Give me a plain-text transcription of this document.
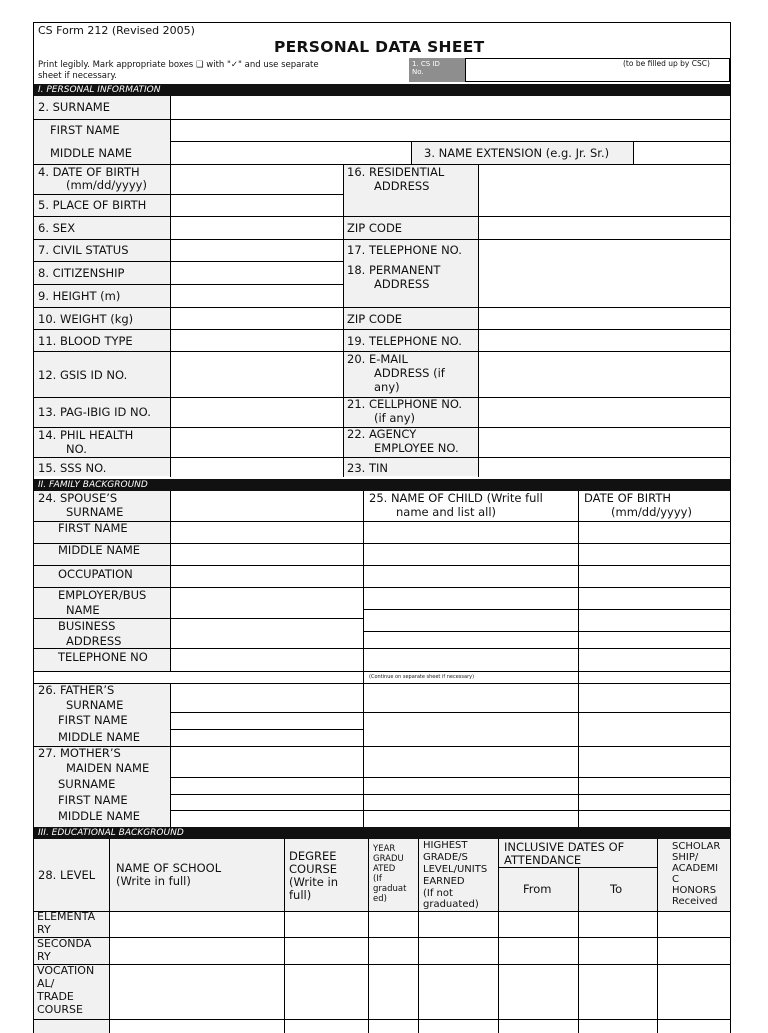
CS Form 212 (Revised 2005)
PERSONAL DATA SHEET
Print legibly. Mark appropriate boxes ❑ with "✓" and use separate
sheet if necessary.
1. CS ID
No.
(to be filled up by CSC)
I. PERSONAL INFORMATION
2. SURNAME
FIRST NAME
MIDDLE NAME	3. NAME EXTENSION (e.g. Jr. Sr.)
4. DATE OF BIRTH
(mm/dd/yyyy)
5. PLACE OF BIRTH
6. SEX
7. CIVIL STATUS
8. CITIZENSHIP
9. HEIGHT (m)
10. WEIGHT (kg)
11. BLOOD TYPE
12. GSIS ID NO.
13. PAG-IBIG ID NO.
14. PHIL HEALTH
NO.
15. SSS NO.
16. RESIDENTIAL
ADDRESS
ZIP CODE
17. TELEPHONE NO.
18. PERMANENT
ADDRESS
ZIP CODE
19. TELEPHONE NO.
20. E-MAIL
ADDRESS (if
any)
21. CELLPHONE NO.
(if any)
22. AGENCY
EMPLOYEE NO.
23. TIN
II. FAMILY BACKGROUND
24. SPOUSE’S
SURNAME
FIRST NAME
MIDDLE NAME
OCCUPATION
EMPLOYER/BUS
NAME
BUSINESS
ADDRESS
TELEPHONE NO
25. NAME OF CHILD (Write full
name and list all)
DATE OF BIRTH
(mm/dd/yyyy)
(Continue on separate sheet if necessary)
26. FATHER’S
SURNAME
FIRST NAME
MIDDLE NAME
27. MOTHER’S
MAIDEN NAME
SURNAME
FIRST NAME
MIDDLE NAME
III. EDUCATIONAL BACKGROUND
28. LEVEL NAME OF SCHOOL
(Write in full)
DEGREE
COURSE
(Write in
full)
YEAR
GRADU
ATED
(If
graduat
ed)
HIGHEST
GRADE/S
LEVEL/UNITS
EARNED
(If not
graduated)
INCLUSIVE DATES OF
ATTENDANCE
From	To
SCHOLAR
SHIP/
ACADEMI
C
HONORS
Received
ELEMENTA
RY
SECONDA
RY
VOCATION
AL/
TRADE
COURSE
